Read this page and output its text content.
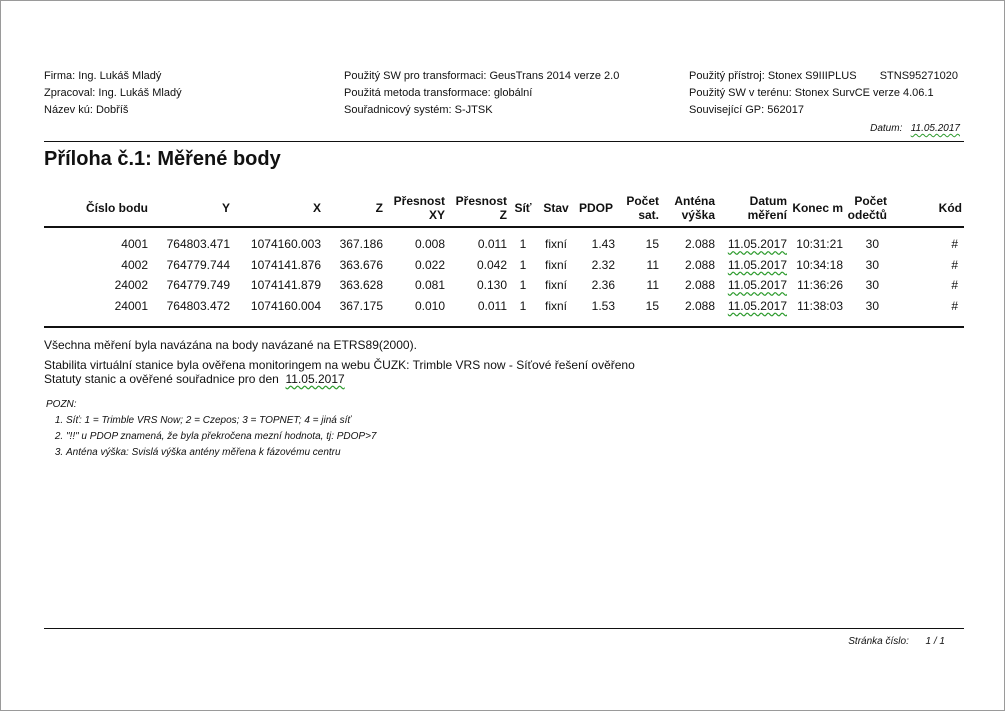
Firma: Ing. Lukáš Mladý
Zpracoval: Ing. Lukáš Mladý
Název kú: Dobříš
Použitý SW pro transformaci: GeusTrans 2014 verze 2.0
Použitá metoda transformace: globální
Souřadnicový systém: S-JTSK
Použitý přístroj: Stonex S9IIIPLUS STNS95271020
Použitý SW v terénu: Stonex SurvCE verze 4.06.1
Související GP: 562017
Datum: 11.05.2017
Příloha č.1: Měřené body
Číslo bodu	Y	X	Z	Přesnost XY	Přesnost Z	Síť	Stav	PDOP	Počet sat.	Anténa výška	Datum měření	Konec m	Počet odečtů	Kód

4001	764803.471	1074160.003	367.186	0.008	0.011	1	fixní	1.43	15	2.088	11.05.2017	10:31:21	30	#
4002	764779.744	1074141.876	363.676	0.022	0.042	1	fixní	2.32	11	2.088	11.05.2017	10:34:18	30	#
24002	764779.749	1074141.879	363.628	0.081	0.130	1	fixní	2.36	11	2.088	11.05.2017	11:36:26	30	#
24001	764803.472	1074160.004	367.175	0.010	0.011	1	fixní	1.53	15	2.088	11.05.2017	11:38:03	30	#
Všechna měření byla navázána na body navázané na ETRS89(2000).
Stabilita virtuální stanice byla ověřena monitoringem na webu ČUZK: Trimble VRS now - Síťové řešení ověřeno
Statuty stanic a ověřené souřadnice pro den 11.05.2017
POZN:
1. Síť: 1 = Trimble VRS Now; 2 = Czepos; 3 = TOPNET; 4 = jiná síť
2. "!!" u PDOP znamená, že byla překročena mezní hodnota, tj: PDOP>7
3. Anténa výška: Svislá výška antény měřena k fázovému centru
Stránka číslo: 1 / 1
